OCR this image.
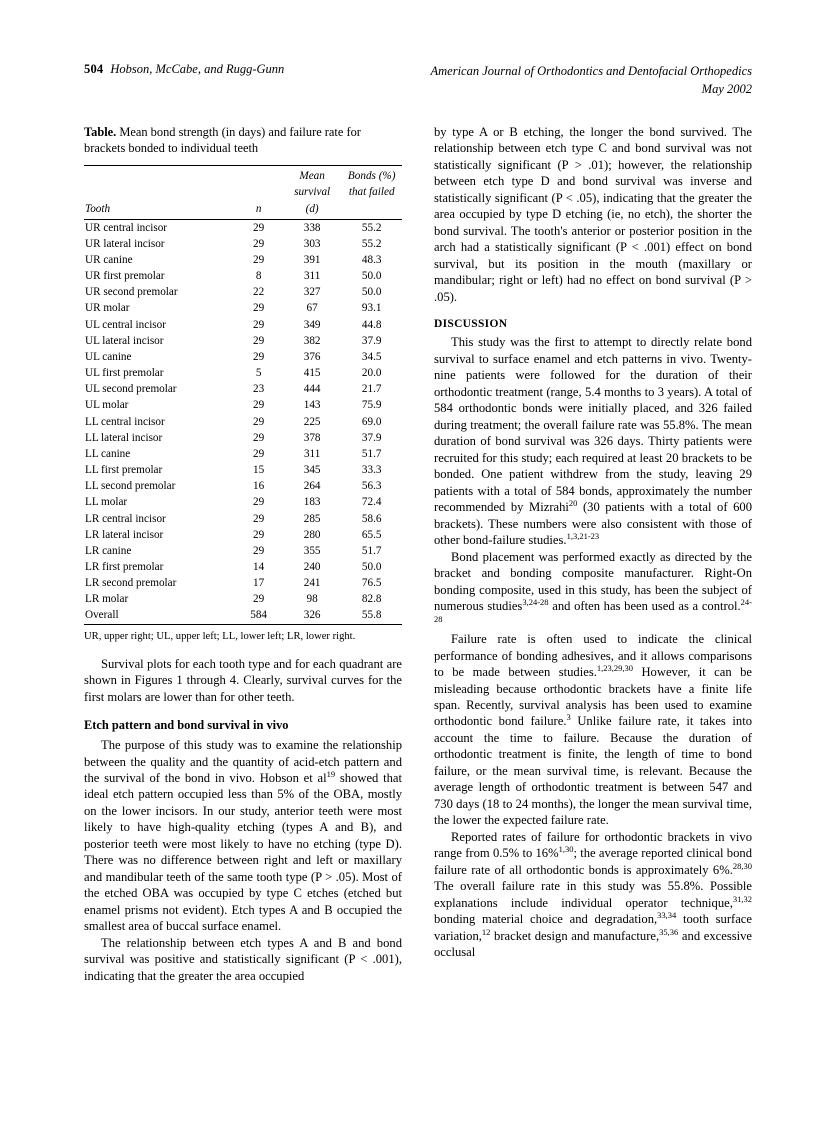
504 Hobson, McCabe, and Rugg-Gunn	American Journal of Orthodontics and Dentofacial Orthopedics
May 2002
Table. Mean bond strength (in days) and failure rate for brackets bonded to individual teeth
		Mean	Bonds (%)
		survival	that failed
Tooth	n	(d)	
UR central incisor	29	338	55.2
UR lateral incisor	29	303	55.2
UR canine	29	391	48.3
UR first premolar	8	311	50.0
UR second premolar	22	327	50.0
UR molar	29	67	93.1
UL central incisor	29	349	44.8
UL lateral incisor	29	382	37.9
UL canine	29	376	34.5
UL first premolar	5	415	20.0
UL second premolar	23	444	21.7
UL molar	29	143	75.9
LL central incisor	29	225	69.0
LL lateral incisor	29	378	37.9
LL canine	29	311	51.7
LL first premolar	15	345	33.3
LL second premolar	16	264	56.3
LL molar	29	183	72.4
LR central incisor	29	285	58.6
LR lateral incisor	29	280	65.5
LR canine	29	355	51.7
LR first premolar	14	240	50.0
LR second premolar	17	241	76.5
LR molar	29	98	82.8
Overall	584	326	55.8
UR, upper right; UL, upper left; LL, lower left; LR, lower right.

Survival plots for each tooth type and for each quadrant are shown in Figures 1 through 4. Clearly, survival curves for the first molars are lower than for other teeth.

Etch pattern and bond survival in vivo

The purpose of this study was to examine the relationship between the quality and the quantity of acid-etch pattern and the survival of the bond in vivo. Hobson et $al^{19}$ showed that ideal etch pattern occupied less than 5% of the OBA, mostly on the lower incisors. In our study, anterior teeth were most likely to have high-quality etching (types A and B), and posterior teeth were most likely to have no etching (type D). There was no difference between right and left or maxillary and mandibular teeth of the same tooth type (P > .05). Most of the etched OBA was occupied by type C etches (etched but enamel prisms not evident). Etch types A and B occupied the smallest area of buccal surface enamel.

The relationship between etch types A and B and bond survival was positive and statistically significant (P < .001), indicating that the greater the area occupied

by type A or B etching, the longer the bond survived. The relationship between etch type C and bond survival was not statistically significant (P > .01); however, the relationship between etch type D and bond survival was inverse and statistically significant (P < .05), indicating that the greater the area occupied by type D etching (ie, no etch), the shorter the bond survival. The tooth's anterior or posterior position in the arch had a statistically significant (P < .001) effect on bond survival, but its position in the mouth (maxillary or mandibular; right or left) had no effect on bond survival (P > .05).

DISCUSSION

This study was the first to attempt to directly relate bond survival to surface enamel and etch patterns in vivo. Twenty-nine patients were followed for the duration of their orthodontic treatment (range, 5.4 months to 3 years). A total of 584 orthodontic bonds were initially placed, and 326 failed during treatment; the overall failure rate was 55.8%. The mean duration of bond survival was 326 days. Thirty patients were recruited for this study; each required at least 20 brackets to be bonded. One patient withdrew from the study, leaving 29 patients with a total of 584 bonds, approximately the number recommended by Mizrahi$^{20}$ (30 patients with a total of 600 brackets). These numbers were also consistent with those of other bond-failure studies.$^{1,3,21-23}$

Bond placement was performed exactly as directed by the bracket and bonding composite manufacturer. Right-On bonding composite, used in this study, has been the subject of numerous studies$^{3,24-28}$ and often has been used as a control.$^{24-28}$

Failure rate is often used to indicate the clinical performance of bonding adhesives, and it allows comparisons to be made between studies.$^{1,23,29,30}$ However, it can be misleading because orthodontic brackets have a finite life span. Recently, survival analysis has been used to examine orthodontic bond failure.$^3$ Unlike failure rate, it takes into account the time to failure. Because the duration of orthodontic treatment is finite, the length of time to bond failure, or the mean survival time, is relevant. Because the average length of orthodontic treatment is between 547 and 730 days (18 to 24 months), the longer the mean survival time, the lower the expected failure rate.

Reported rates of failure for orthodontic brackets in vivo range from 0.5% to 16%$^{1,30}$; the average reported clinical bond failure rate of all orthodontic bonds is approximately 6%.$^{28,30}$ The overall failure rate in this study was 55.8%. Possible explanations include individual operator technique,$^{31,32}$ bonding material choice and degradation,$^{33,34}$ tooth surface variation,$^{12}$ bracket design and manufacture,$^{35,36}$ and excessive occlusal
